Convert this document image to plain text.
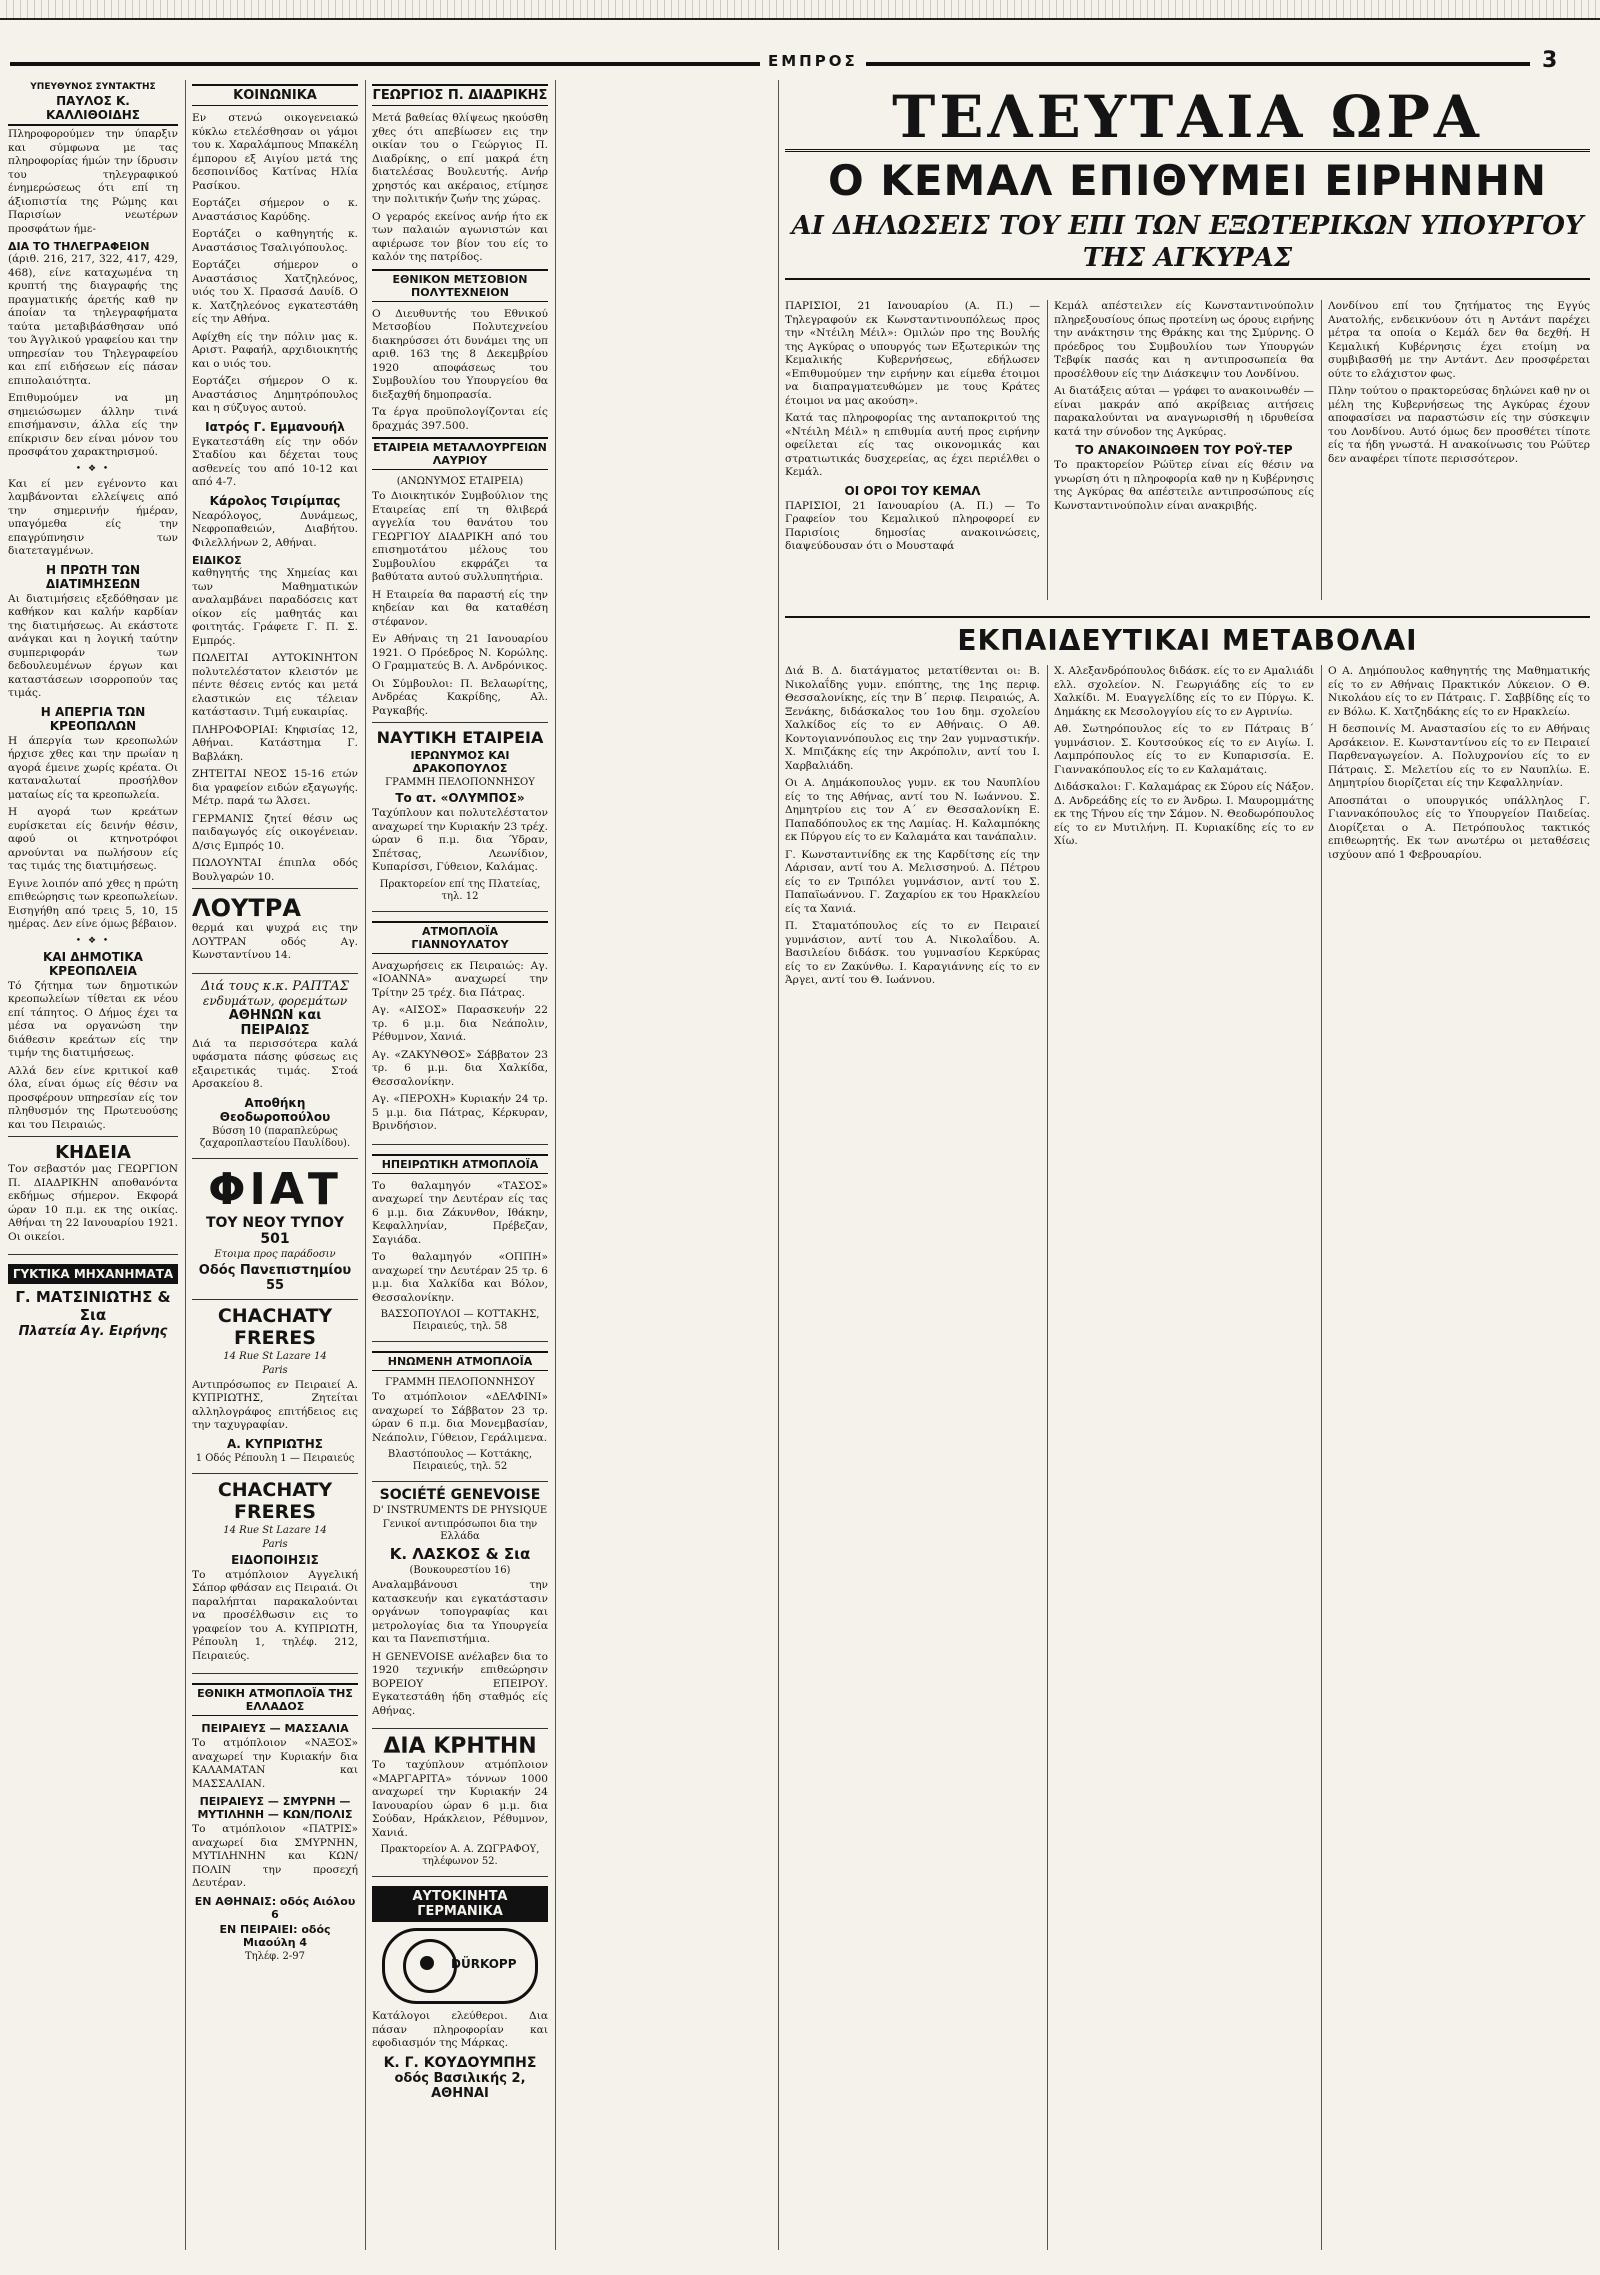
ΕΜΠΡΟΣ	3
ΥΠΕΥΘΥΝΟΣ ΣΥΝΤΑΚΤΗΣ
ΠΑΥΛΟΣ Κ. ΚΑΛΛΙΘΟΙΔΗΣ

Πληροφορούμεν την ύπαρξιν και σύμφωνα με τας πληροφορίας ήμών την ίδρυσιν του τηλεγραφικού ένημερώσεως ότι επί τη άξιοπιστία της Ρώμης και Παρισίων νεωτέρων προσφάτων ήμε-

ΔΙΑ ΤΟ ΤΗΛΕΓΡΑΦΕΙΟΝ

(άριθ. 216, 217, 322, 417, 429, 468), είνε καταχωμένα τη κρυπτή της διαγραφής της πραγματικής άρετής καθ ην άποίαν τα τηλεγραφήματα ταύτα μεταβιβάσθησαν υπό του Άγγλικού γραφείου και την υπηρεσίαν του Τηλεγραφείου και επί ειδήσεων είς πάσαν επιπολαιότητα.

Επιθυμούμεν να μη σημειώσωμεν άλλην τινά επισήμανσιν, άλλα είς την επίκρισιν δεν είναι μόνον του προσφάτου χαρακτηρισμού.

• ❖ •

Και εί μεν εγένοντο και λαμβάνονται ελλείψεις από την σημερινήν ήμέραν, υπαγόμεθα είς την επαγρύπνησιν των διατεταγμένων.

Η ΠΡΩΤΗ ΤΩΝ ΔΙΑΤΙΜΗΣΕΩΝ

Αι διατιμήσεις εξεδόθησαν με καθήκον και καλήν καρδίαν της διατιμήσεως. Αι εκάστοτε ανάγκαι και η λογική ταύτην συμπεριφοράν των δεδουλευμένων έργων και καταστάσεων ισορροπούν τας τιμάς.

Η ΑΠΕΡΓΙΑ ΤΩΝ ΚΡΕΟΠΩΛΩΝ

Η άπεργία των κρεοπωλών ήρχισε χθες και την πρωίαν η αγορά έμεινε χωρίς κρέατα. Οι καταναλωταί προσήλθον ματαίως είς τα κρεοπωλεία.

Η αγορά των κρεάτων ευρίσκεται είς δεινήν θέσιν, αφού οι κτηνοτρόφοι αρνούνται να πωλήσουν είς τας τιμάς της διατιμήσεως.

Εγινε λοιπόν από χθες η πρώτη επιθεώρησις των κρεοπωλείων. Εισηγήθη από τρεις 5, 10, 15 ημέρας. Δεν είνε όμως βέβαιον.

• ❖ •
ΚΑΙ ΔΗΜΟΤΙΚΑ ΚΡΕΟΠΩΛΕΙΑ

Τό ζήτημα των δημοτικών κρεοπωλείων τίθεται εκ νέου επί τάπητος. Ο Δήμος έχει τα μέσα να οργανώση την διάθεσιν κρεάτων είς την τιμήν της διατιμήσεως.

Αλλά δεν είνε κριτικοί καθ όλα, είναι όμως είς θέσιν να προσφέρουν υπηρεσίαν είς τον πληθυσμόν της Πρωτευούσης και του Πειραιώς.

ΚΗΔΕΙΑ

Τον σεβαστόν μας ΓΕΩΡΓΙΟΝ Π. ΔΙΑΔΡΙΚΗΝ αποθανόντα εκδήμως σήμερον. Εκφορά ώραν 10 π.μ. εκ της οικίας. Αθήναι τη 22 Ιανουαρίου 1921. Οι οικείοι.

ΓΥΚΤΙΚΑ ΜΗΧΑΝΗΜΑΤΑ
Γ. ΜΑΤΣΙΝΙΩΤΗΣ & Σια
Πλατεία Αγ. Ειρήνης
ΚΟΙΝΩΝΙΚΑ

Εν στενώ οικογενειακώ κύκλω ετελέσθησαν οι γάμοι του κ. Χαραλάμπους Μπακέλη έμπορου εξ Αιγίου μετά της δεσποινίδος Κατίνας Ηλία Ρασίκου.

Εορτάζει σήμερον ο κ. Αναστάσιος Καρύδης.

Εορτάζει ο καθηγητής κ. Αναστάσιος Τσαλιγόπουλος.

Εορτάζει σήμερον ο Αναστάσιος Χατζηλεόνος, υιός του Χ. Πρασσά Δαυίδ. Ο κ. Χατζηλεόνος εγκατεστάθη είς την Αθήνα.

Αφίχθη είς την πόλιν μας κ. Αριστ. Ραφαήλ, αρχιδιοικητής και ο υιός του.

Εορτάζει σήμερον Ο κ. Αναστάσιος Δημητρόπουλος και η σύζυγος αυτού.

Ιατρός Γ. Εμμανουήλ

Εγκατεστάθη είς την οδόν Σταδίου και δέχεται τους ασθενείς του από 10-12 και από 4-7.

Κάρολος Τσιρίμπας

Νεαρόλογος, Δυνάμεως, Νεφροπαθειών, Διαβήτου. Φιλελλήνων 2, Αθήναι.

ΕΙΔΙΚΟΣ

καθηγητής της Χημείας και των Μαθηματικών αναλαμβάνει παραδόσεις κατ οίκον είς μαθητάς και φοιτητάς. Γράφετε Γ. Π. Σ. Εμπρός.

ΠΩΛΕΙΤΑΙ ΑΥΤΟΚΙΝΗΤΟΝ πολυτελέστατον κλειστόν με πέντε θέσεις εντός και μετά ελαστικών εις τέλειαν κατάστασιν. Τιμή ευκαιρίας.

ΠΛΗΡΟΦΟΡΙΑΙ: Κηφισίας 12, Αθήναι. Κατάστημα Γ. Βαβλάκη.

ΖΗΤΕΙΤΑΙ ΝΕΟΣ 15-16 ετών δια γραφείον ειδών εξαγωγής. Μέτρ. παρά τω Άλσει.

ΓΕΡΜΑΝΙΣ ζητεί θέσιν ως παιδαγωγός είς οικογένειαν. Δ/σις Εμπρός 10.

ΠΩΛΟΥΝΤΑΙ έπιπλα οδός Βουλγαρών 10.

ΛΟΥΤΡΑ

θερμά και ψυχρά εις την ΛΟΥΤΡΑΝ οδός Αγ. Κωνσταντίνου 14.

Διά τους κ.κ. ΡΑΠΤΑΣ
ενδυμάτων, φορεμάτων
ΑΘΗΝΩΝ και ΠΕΙΡΑΙΩΣ

Διά τα περισσότερα καλά υφάσματα πάσης φύσεως εις εξαιρετικάς τιμάς. Στοά Αρσακείου 8.

Αποθήκη Θεοδωροπούλου
Βύσση 10 (παραπλεύρως ζαχαροπλαστείου Παυλίδου).
ΦΙΑΤ
ΤΟΥ ΝΕΟΥ ΤΥΠΟΥ 501
Ετοιμα προς παράδοσιν
Οδός Πανεπιστημίου 55
CHACHATY FRERES
14 Rue St Lazare 14
Paris

Αντιπρόσωπος εν Πειραιεί Α. ΚΥΠΡΙΩΤΗΣ, Ζητείται αλληλογράφος επιτήδειος εις την ταχυγραφίαν.

Α. ΚΥΠΡΙΩΤΗΣ
1 Οδός Ρέπουλη 1 — Πειραιεύς
CHACHATY FRERES
14 Rue St Lazare 14
Paris
ΕΙΔΟΠΟΙΗΣΙΣ

Το ατμόπλοιον Αγγελική Σάπορ φθάσαν εις Πειραιά. Οι παραλήπται παρακαλούνται να προσέλθωσιν εις το γραφείον του Α. ΚΥΠΡΙΩΤΗ, Ρέπουλη 1, τηλέφ. 212, Πειραιεύς.

ΕΘΝΙΚΗ ΑΤΜΟΠΛΟΪΑ ΤΗΣ ΕΛΛΑΔΟΣ
ΠΕΙΡΑΙΕΥΣ — ΜΑΣΣΑΛΙΑ

Το ατμόπλοιον «ΝΑΞΟΣ» αναχωρεί την Κυριακήν δια ΚΑΛΑΜΑΤΑΝ και ΜΑΣΣΑΛΙΑΝ.

ΠΕΙΡΑΙΕΥΣ — ΣΜΥΡΝΗ — ΜΥΤΙΛΗΝΗ — ΚΩΝ/ΠΟΛΙΣ

Το ατμόπλοιον «ΠΑΤΡΙΣ» αναχωρεί δια ΣΜΥΡΝΗΝ, ΜΥΤΙΛΗΝΗΝ και ΚΩΝ/ΠΟΛΙΝ την προσεχή Δευτέραν.

ΕΝ ΑΘΗΝΑΙΣ: οδός Αιόλου 6
ΕΝ ΠΕΙΡΑΙΕΙ: οδός Μιαούλη 4
Τηλέφ. 2-97
ΓΕΩΡΓΙΟΣ Π. ΔΙΑΔΡΙΚΗΣ

Μετά βαθείας θλίψεως ηκούσθη χθες ότι απεβίωσεν εις την οικίαν του ο Γεώργιος Π. Διαδρίκης, ο επί μακρά έτη διατελέσας Βουλευτής. Ανήρ χρηστός και ακέραιος, ετίμησε την πολιτικήν ζωήν της χώρας.

Ο γεραρός εκείνος ανήρ ήτο εκ των παλαιών αγωνιστών και αφιέρωσε τον βίον του είς το καλόν της πατρίδος.

ΕΘΝΙΚΟΝ ΜΕΤΣΟΒΙΟΝ ΠΟΛΥΤΕΧΝΕΙΟΝ

Ο Διευθυντής του Εθνικού Μετσοβίου Πολυτεχνείου διακηρύσσει ότι δυνάμει της υπ αριθ. 163 της 8 Δεκεμβρίου 1920 αποφάσεως του Συμβουλίου του Υπουργείου θα διεξαχθή δημοπρασία.

Τα έργα προϋπολογίζονται είς δραχμάς 397.500.

ΕΤΑΙΡΕΙΑ ΜΕΤΑΛΛΟΥΡΓΕΙΩΝ ΛΑΥΡΙΟΥ
(ΑΝΩΝΥΜΟΣ ΕΤΑΙΡΕΙΑ)

Το Διοικητικόν Συμβούλιον της Εταιρείας επί τη θλιβερά αγγελία του θανάτου του ΓΕΩΡΓΙΟΥ ΔΙΑΔΡΙΚΗ από του επισημοτάτου μέλους του Συμβουλίου εκφράζει τα βαθύτατα αυτού συλλυπητήρια.

Η Εταιρεία θα παραστή είς την κηδείαν και θα καταθέση στέφανον.

Εν Αθήναις τη 21 Ιανουαρίου 1921. Ο Πρόεδρος Ν. Κορώλης. Ο Γραμματεύς Β. Λ. Ανδρόνικος.

Οι Σύμβουλοι: Π. Βελαωρίτης, Ανδρέας Κακρίδης, Αλ. Ραγκαβής.

ΝΑΥΤΙΚΗ ΕΤΑΙΡΕΙΑ
ΙΕΡΩΝΥΜΟΣ ΚΑΙ ΔΡΑΚΟΠΟΥΛΟΣ
ΓΡΑΜΜΗ ΠΕΛΟΠΟΝΝΗΣΟΥ
Το ατ. «ΟΛΥΜΠΟΣ»

Ταχύπλουν και πολυτελέστατον αναχωρεί την Κυριακήν 23 τρέχ. ώραν 6 π.μ. δια Ύδραν, Σπέτσας, Λεωνίδιον, Κυπαρίσσι, Γύθειον, Καλάμας.

Πρακτορείον επί της Πλατείας, τηλ. 12
ΑΤΜΟΠΛΟΪΑ ΓΙΑΝΝΟΥΛΑΤΟΥ

Αναχωρήσεις εκ Πειραιώς: Αγ. «ΙΟΑΝΝΑ» αναχωρεί την Τρίτην 25 τρέχ. δια Πάτρας.

Αγ. «ΑΙΣΟΣ» Παρασκευήν 22 τρ. 6 μ.μ. δια Νεάπολιν, Ρέθυμνον, Χανιά.

Αγ. «ΖΑΚΥΝΘΟΣ» Σάββατον 23 τρ. 6 μ.μ. δια Χαλκίδα, Θεσσαλονίκην.

Αγ. «ΠΕΡΟΧΗ» Κυριακήν 24 τρ. 5 μ.μ. δια Πάτρας, Κέρκυραν, Βρινδήσιον.

ΗΠΕΙΡΩΤΙΚΗ ΑΤΜΟΠΛΟΪΑ

Το θαλαμηγόν «ΤΑΣΟΣ» αναχωρεί την Δευτέραν είς τας 6 μ.μ. δια Ζάκυνθον, Ιθάκην, Κεφαλληνίαν, Πρέβεζαν, Σαγιάδα.

Το θαλαμηγόν «ΟΠΠΗ» αναχωρεί την Δευτέραν 25 τρ. 6 μ.μ. δια Χαλκίδα και Βόλον, Θεσσαλονίκην.

ΒΑΣΣΟΠΟΥΛΟΙ — ΚΟΤΤΑΚΗΣ, Πειραιεύς, τηλ. 58
ΗΝΩΜΕΝΗ ΑΤΜΟΠΛΟΪΑ
ΓΡΑΜΜΗ ΠΕΛΟΠΟΝΝΗΣΟΥ

Το ατμόπλοιον «ΔΕΛΦΙΝΙ» αναχωρεί το Σάββατον 23 τρ. ώραν 6 π.μ. δια Μονεμβασίαν, Νεάπολιν, Γύθειον, Γεράλιμενα.

Βλαστόπουλος — Κοττάκης, Πειραιεύς, τηλ. 52
SOCIÉTÉ GENEVOISE
D' INSTRUMENTS DE PHYSIQUE
Γενικοί αντιπρόσωποι δια την Ελλάδα
Κ. ΛΑΣΚΟΣ & Σια
(Βουκουρεστίου 16)

Αναλαμβάνουσι την κατασκευήν και εγκατάστασιν οργάνων τοπογραφίας και μετρολογίας δια τα Υπουργεία και τα Πανεπιστήμια.

Η GENEVOISE ανέλαβεν δια το 1920 τεχνικήν επιθεώρησιν ΒΟΡΕΙΟΥ ΕΠΕΙΡΟΥ. Εγκατεστάθη ήδη σταθμός είς Αθήνας.

ΔΙΑ ΚΡΗΤΗΝ

Το ταχύπλουν ατμόπλοιον «ΜΑΡΓΑΡΙΤΑ» τόννων 1000 αναχωρεί την Κυριακήν 24 Ιανουαρίου ώραν 6 μ.μ. δια Σούδαν, Ηράκλειον, Ρέθυμνον, Χανιά.

Πρακτορείον Α. Α. ΖΩΓΡΑΦΟΥ, τηλέφωνον 52.
ΑΥΤΟΚΙΝΗΤΑ ΓΕΡΜΑΝΙΚΑ
DÜRKOPP

Κατάλογοι ελεύθεροι. Δια πάσαν πληροφορίαν και εφοδιασμόν της Μάρκας.

Κ. Γ. ΚΟΥΔΟΥΜΠΗΣ
οδός Βασιλικής 2, ΑΘΗΝΑΙ
ΤΕΛΕΥΤΑΙΑ ΩΡΑ
Ο ΚΕΜΑΛ ΕΠΙΘΥΜΕΙ ΕΙΡΗΝΗΝ
ΑΙ ΔΗΛΩΣΕΙΣ ΤΟΥ ΕΠΙ ΤΩΝ ΕΞΩΤΕΡΙΚΩΝ ΥΠΟΥΡΓΟΥ ΤΗΣ ΑΓΚΥΡΑΣ

ΠΑΡΙΣΙΟΙ, 21 Ιανουαρίου (Α. Π.) — Τηλεγραφούν εκ Κωνσταντινουπόλεως προς την «Ντέιλη Μέιλ»: Ομιλών προ της Βουλής της Αγκύρας ο υπουργός των Εξωτερικών της Κεμαλικής Κυβερνήσεως, εδήλωσεν «Επιθυμούμεν την ειρήνην και είμεθα έτοιμοι να διαπραγματευθώμεν με τους Κράτες έτοιμοι να μας ακούση».

Κατά τας πληροφορίας της ανταποκριτού της «Ντέιλη Μέιλ» η επιθυμία αυτή προς ειρήνην οφείλεται είς τας οικονομικάς και στρατιωτικάς δυσχερείας, ας έχει περιέλθει ο Κεμάλ.

ΟΙ ΟΡΟΙ ΤΟΥ ΚΕΜΑΛ

ΠΑΡΙΣΙΟΙ, 21 Ιανουαρίου (Α. Π.) — Το Γραφείον του Κεμαλικού πληροφορεί εν Παρισίοις δημοσίας ανακοινώσεις, διαψεύδουσαν ότι ο Μουσταφά

Κεμάλ απέστειλεν είς Κωνσταντινούπολιν πληρεξουσίους όπως προτείνη ως όρους ειρήνης την ανάκτησιν της Θράκης και της Σμύρνης. Ο πρόεδρος του Συμβουλίου των Υπουργών Τεβφίκ πασάς και η αντιπροσωπεία θα προσέλθουν είς την Διάσκεψιν του Λονδίνου.

Αι διατάξεις αύται — γράφει το ανακοινωθέν — είναι μακράν από ακρίβειας αιτήσεις παρακαλούνται να αναγνωρισθή η ιδρυθείσα κατά την σύνοδον της Αγκύρας.

ΤΟ ΑΝΑΚΟΙΝΩΘΕΝ ΤΟΥ ΡΟΫ-ΤΕΡ

Το πρακτορείον Ρώϋτερ είναι είς θέσιν να γνωρίση ότι η πληροφορία καθ ην η Κυβέρνησις της Αγκύρας θα απέστειλε αντιπροσώπους είς Κωνσταντινούπολιν είναι ανακριβής.

Λονδίνου επί του ζητήματος της Εγγύς Ανατολής, ενδεικνύουν ότι η Αντάντ παρέχει μέτρα τα οποία ο Κεμάλ δεν θα δεχθή. Η Κεμαλική Κυβέρνησις έχει ετοίμη να συμβιβασθή με την Αντάντ. Δεν προσφέρεται ούτε το ελάχιστον φως.

Πλην τούτου ο πρακτορεύσας δηλώνει καθ ην οι μέλη της Κυβερνήσεως της Αγκύρας έχουν αποφασίσει να παραστώσιν είς την σύσκεψιν του Λονδίνου. Αυτό όμως δεν προσθέτει τίποτε είς τα ήδη γνωστά. Η ανακοίνωσις του Ρώϋτερ δεν αναφέρει τίποτε περισσότερον.

ΕΚΠΑΙΔΕΥΤΙΚΑΙ ΜΕΤΑΒΟΛΑΙ

Διά Β. Δ. διατάγματος μετατίθενται οι: Β. Νικολαΐδης γυμν. επόπτης, της 1ης περιφ. Θεσσαλονίκης, είς την Β΄ περιφ. Πειραιώς, Α. Ξενάκης, διδάσκαλος του 1ου δημ. σχολείου Χαλκίδος είς το εν Αθήναις. Ο Αθ. Κοντογιαννόπουλος εις την 2αν γυμναστικήν. Χ. Μπιζάκης είς την Ακρόπολιν, αντί του Ι. Χαρβαλιάδη.

Οι Α. Δημάκοπουλος γυμν. εκ του Ναυπλίου είς το της Αθήνας, αντί του Ν. Ιωάννου. Σ. Δημητρίου εις τον Α΄ εν Θεσσαλονίκη Ε. Παπαδόπουλος εκ της Λαμίας. Η. Καλαμπόκης εκ Πύργου είς το εν Καλαμάτα και τανάπαλιν.

Γ. Κωνσταντινίδης εκ της Καρδίτσης είς την Λάρισαν, αντί του Α. Μελισσηνού. Δ. Πέτρου είς το εν Τριπόλει γυμνάσιον, αντί του Σ. Παπαϊωάννου. Γ. Ζαχαρίου εκ του Ηρακλείου είς τα Χανιά.

Π. Σταματόπουλος είς το εν Πειραιεί γυμνάσιον, αντί του Α. Νικολαΐδου. Α. Βασιλείου διδάσκ. του γυμνασίου Κερκύρας είς το εν Ζακύνθω. Ι. Καραγιάννης είς το εν Άργει, αντί του Θ. Ιωάννου.

Χ. Αλεξανδρόπουλος διδάσκ. είς το εν Αμαλιάδι ελλ. σχολείον. Ν. Γεωργιάδης είς το εν Χαλκίδι. Μ. Ευαγγελίδης είς το εν Πύργω. Κ. Δημάκης εκ Μεσολογγίου είς το εν Αγρινίω.

Αθ. Σωτηρόπουλος είς το εν Πάτραις Β΄ γυμνάσιον. Σ. Κουτσούκος είς το εν Αιγίω. Ι. Λαμπρόπουλος είς το εν Κυπαρισσία. Ε. Γιαννακόπουλος είς το εν Καλαμάταις.

Διδάσκαλοι: Γ. Καλαμάρας εκ Σύρου είς Νάξον. Δ. Ανδρεάδης είς το εν Άνδρω. Ι. Μαυρομμάτης εκ της Τήνου είς την Σάμον. Ν. Θεοδωρόπουλος είς το εν Μυτιλήνη. Π. Κυριακίδης είς το εν Χίω.

Ο Α. Δημόπουλος καθηγητής της Μαθηματικής είς το εν Αθήναις Πρακτικόν Λύκειον. Ο Θ. Νικολάου είς το εν Πάτραις. Γ. Σαββίδης είς το εν Βόλω. Κ. Χατζηδάκης είς το εν Ηρακλείω.

Η δεσποινίς Μ. Αναστασίου είς το εν Αθήναις Αρσάκειον. Ε. Κωνσταντίνου είς το εν Πειραιεί Παρθεναγωγείον. Α. Πολυχρονίου είς το εν Πάτραις. Σ. Μελετίου είς το εν Ναυπλίω. Ε. Δημητρίου διορίζεται είς την Κεφαλληνίαν.

Αποσπάται ο υπουργικός υπάλληλος Γ. Γιαννακόπουλος είς το Υπουργείον Παιδείας. Διορίζεται ο Α. Πετρόπουλος τακτικός επιθεωρητής. Εκ των ανωτέρω οι μεταθέσεις ισχύουν από 1 Φεβρουαρίου.
